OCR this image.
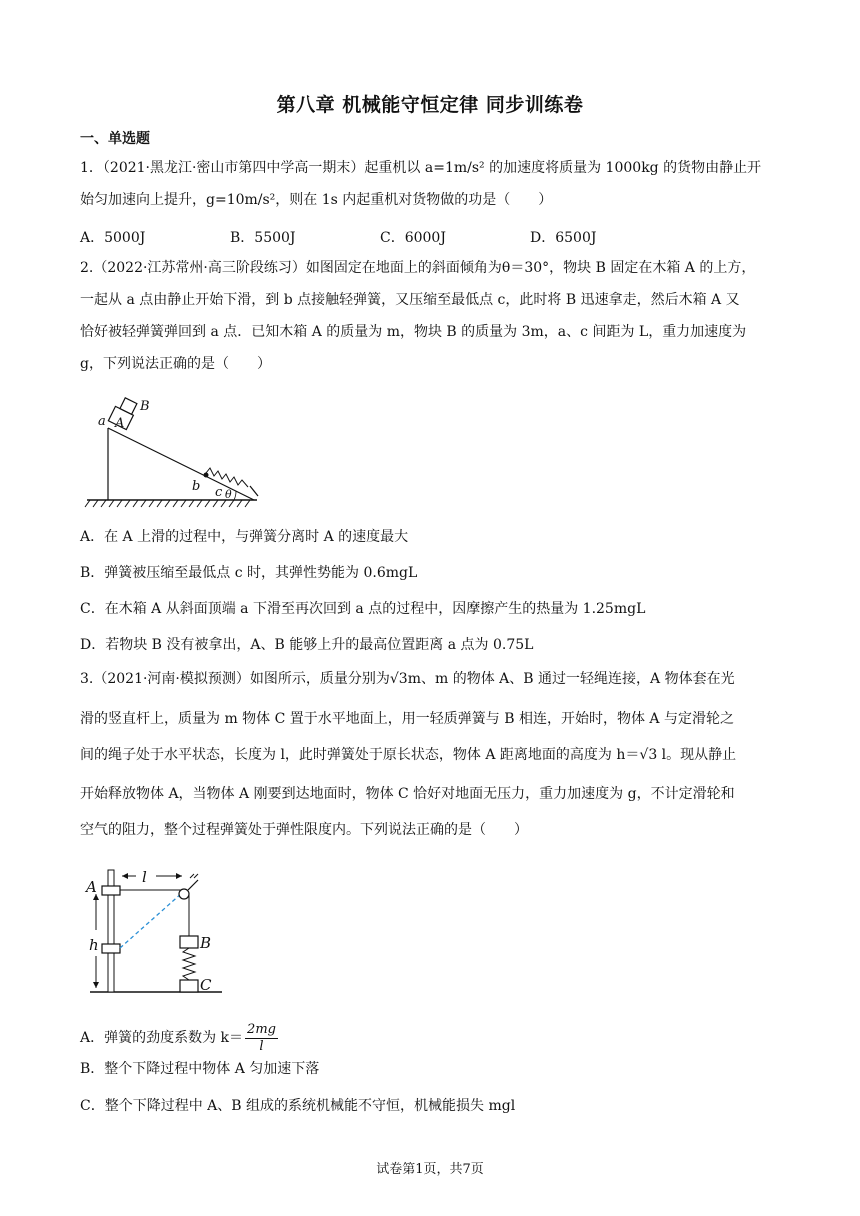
第八章 机械能守恒定律 同步训练卷
一、单选题
1．（2021·黑龙江·密山市第四中学高一期末）起重机以 a=1m/s² 的加速度将质量为 1000kg 的货物由静止开
始匀加速向上提升，g=10m/s²，则在 1s 内起重机对货物做的功是（　　）
A．5000J	B．5500J	C．6000J	D．6500J
2.（2022·江苏常州·高三阶段练习）如图固定在地面上的斜面倾角为θ＝30°，物块 B 固定在木箱 A 的上方，
一起从 a 点由静止开始下滑，到 b 点接触轻弹簧，又压缩至最低点 c，此时将 B 迅速拿走，然后木箱 A 又
恰好被轻弹簧弹回到 a 点．已知木箱 A 的质量为 m，物块 B 的质量为 3m，a、c 间距为 L，重力加速度为
g，下列说法正确的是（　　）
B
a A
b c θ
A．在 A 上滑的过程中，与弹簧分离时 A 的速度最大
B．弹簧被压缩至最低点 c 时，其弹性势能为 0.6mgL
C．在木箱 A 从斜面顶端 a 下滑至再次回到 a 点的过程中，因摩擦产生的热量为 1.25mgL
D．若物块 B 没有被拿出，A、B 能够上升的最高位置距离 a 点为 0.75L
3.（2021·河南·模拟预测）如图所示，质量分别为√3m、m 的物体 A、B 通过一轻绳连接，A 物体套在光
滑的竖直杆上，质量为 m 物体 C 置于水平地面上，用一轻质弹簧与 B 相连，开始时，物体 A 与定滑轮之
间的绳子处于水平状态，长度为 l，此时弹簧处于原长状态，物体 A 距离地面的高度为 h＝√3 l。现从静止
开始释放物体 A，当物体 A 刚要到达地面时，物体 C 恰好对地面无压力，重力加速度为 g，不计定滑轮和
空气的阻力，整个过程弹簧处于弹性限度内。下列说法正确的是（　　）
A
l
h	B
C
A．弹簧的劲度系数为 $k= \frac{2mg}{l}$
B．整个下降过程中物体 A 匀加速下落
C．整个下降过程中 A、B 组成的系统机械能不守恒，机械能损失 mgl
试卷第1页，共7页
